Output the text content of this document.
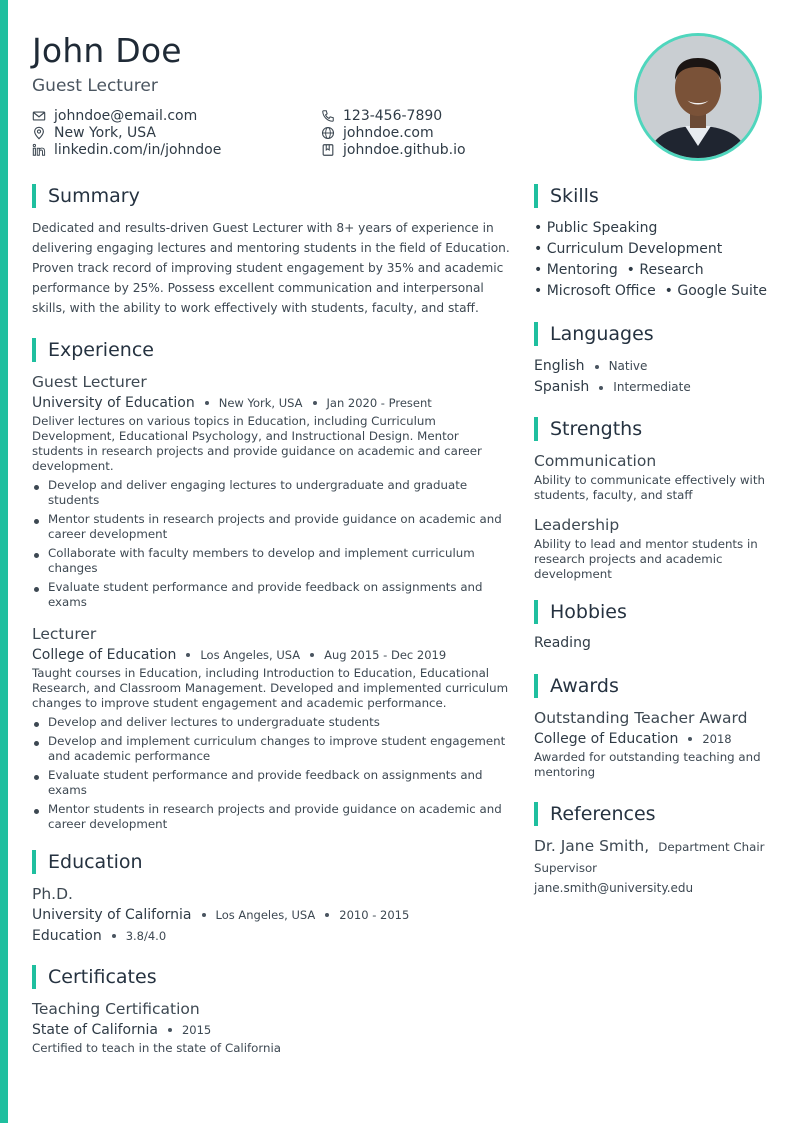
John Doe
Guest Lecturer
johndoe@email.com	123-456-7890
New York, USA	johndoe.com
linkedin.com/in/johndoe	johndoe.github.io
Summary
Dedicated and results-driven Guest Lecturer with 8+ years of experience in delivering engaging lectures and mentoring students in the field of Education. Proven track record of improving student engagement by 35% and academic performance by 25%. Possess excellent communication and interpersonal skills, with the ability to work effectively with students, faculty, and staff.
Experience
Guest Lecturer
University of Education New York, USA Jan 2020 - Present
Deliver lectures on various topics in Education, including Curriculum Development, Educational Psychology, and Instructional Design. Mentor students in research projects and provide guidance on academic and career development.
Develop and deliver engaging lectures to undergraduate and graduate students
Mentor students in research projects and provide guidance on academic and career development
Collaborate with faculty members to develop and implement curriculum changes
Evaluate student performance and provide feedback on assignments and exams
Lecturer
College of Education Los Angeles, USA Aug 2015 - Dec 2019
Taught courses in Education, including Introduction to Education, Educational Research, and Classroom Management. Developed and implemented curriculum changes to improve student engagement and academic performance.
Develop and deliver lectures to undergraduate students
Develop and implement curriculum changes to improve student engagement and academic performance
Evaluate student performance and provide feedback on assignments and exams
Mentor students in research projects and provide guidance on academic and career development
Education
Ph.D.
University of California Los Angeles, USA 2010 - 2015
Education 3.8/4.0
Certificates
Teaching Certification
State of California 2015
Certified to teach in the state of California
Skills
• Public Speaking
• Curriculum Development
• Mentoring  • Research
• Microsoft Office  • Google Suite
Languages
English Native
Spanish Intermediate
Strengths
Communication
Ability to communicate effectively with students, faculty, and staff
Leadership
Ability to lead and mentor students in research projects and academic development
Hobbies
Reading
Awards
Outstanding Teacher Award
College of Education 2018
Awarded for outstanding teaching and mentoring
References
Dr. Jane Smith, Department Chair
Supervisor
jane.smith@university.edu
